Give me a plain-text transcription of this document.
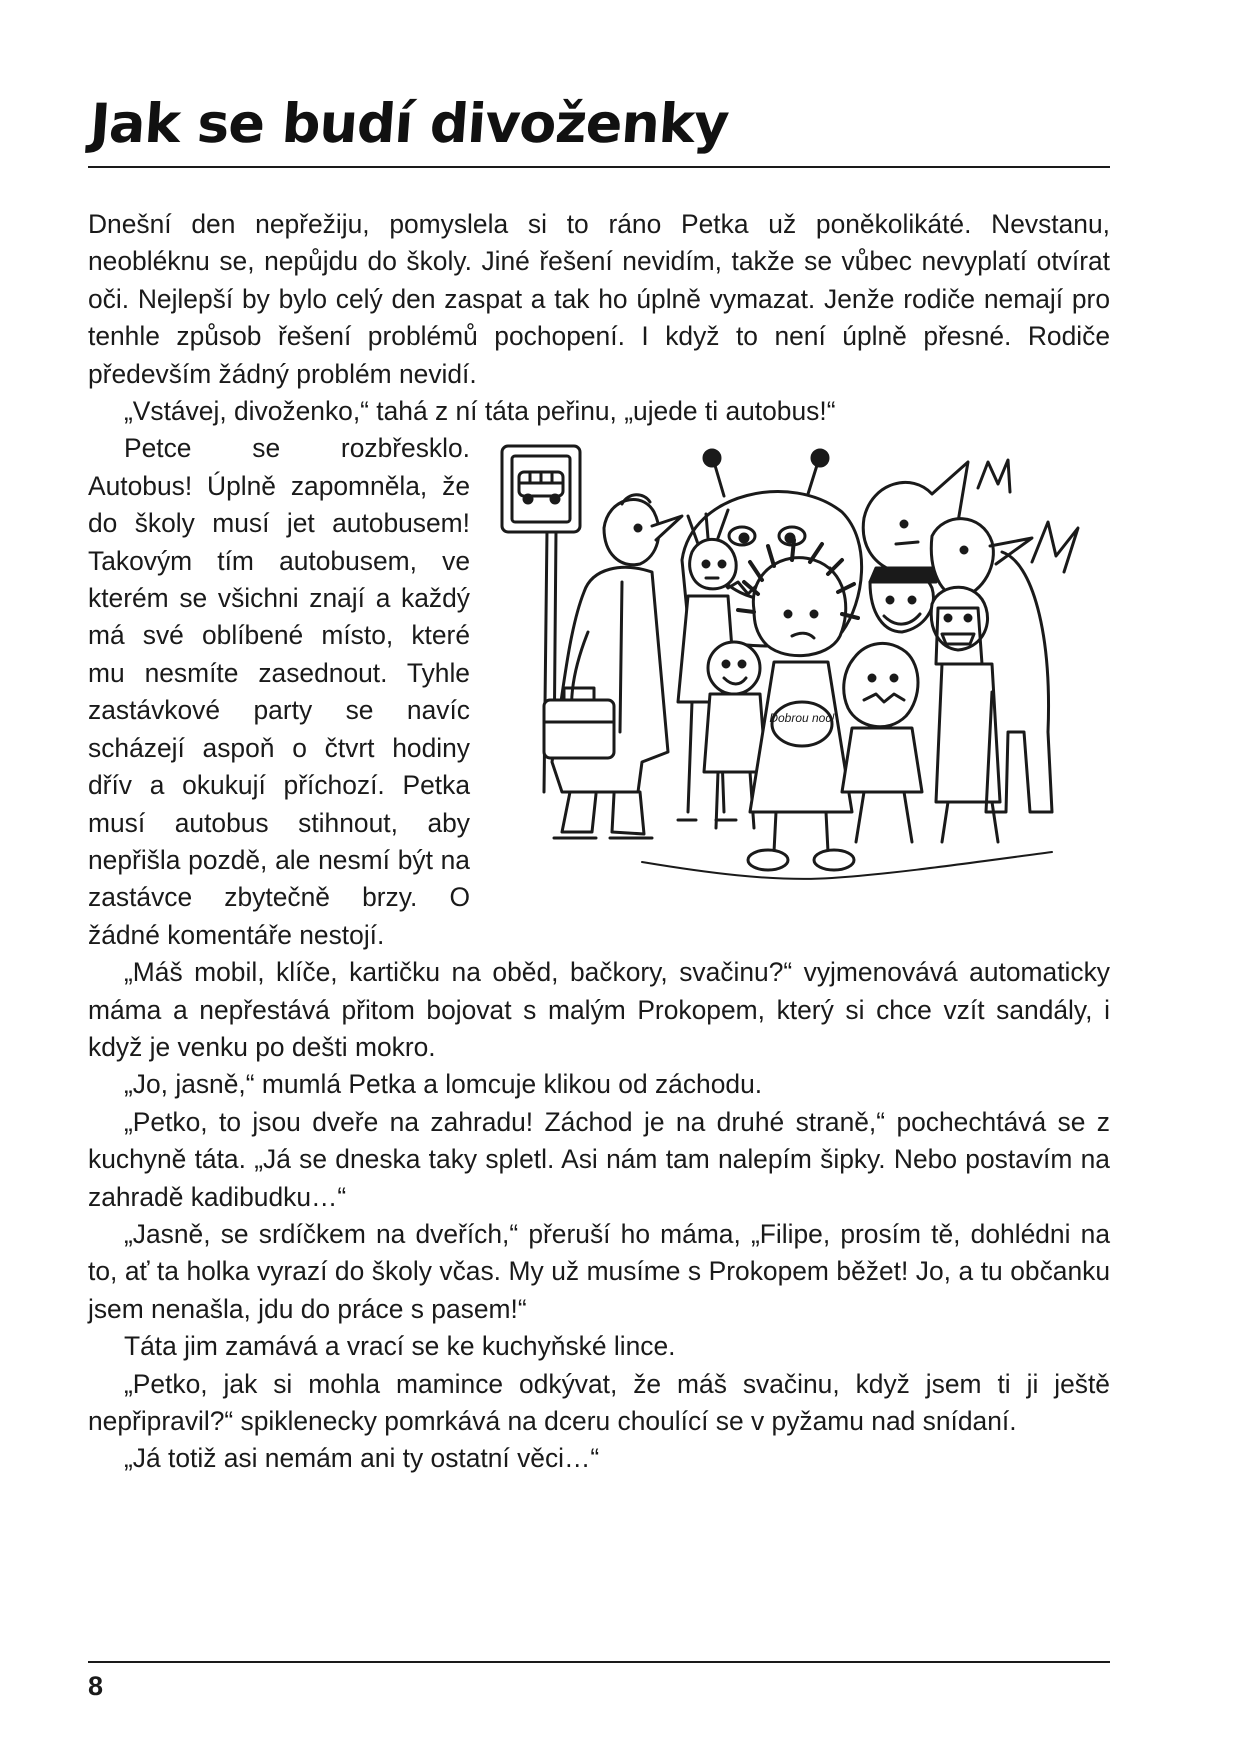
Jak se budí divoženky

Dnešní den nepřežiju, pomyslela si to ráno Petka už poněkolikáté. Nevstanu, neobléknu se, nepůjdu do školy. Jiné řešení nevidím, takže se vůbec nevyplatí otvírat oči. Nejlepší by bylo celý den zaspat a tak ho úplně vymazat. Jenže rodiče nemají pro tenhle způsob řešení problémů pochopení. I když to není úplně přesné. Rodiče především žádný problém nevidí.

„Vstávej, divoženko,“ tahá z ní táta peřinu, „ujede ti autobus!“

Dobrou noc!
Petce se rozbřesklo. Autobus! Úplně zapomněla, že do školy musí jet autobusem! Takovým tím autobusem, ve kterém se všichni znají a každý má své oblíbené místo, které mu nesmíte zasednout. Tyhle zastávkové party se navíc scházejí aspoň o čtvrt hodiny dřív a okukují příchozí. Petka musí autobus stihnout, aby nepřišla pozdě, ale nesmí být na zastávce zbytečně brzy. O žádné komentáře nestojí.

„Máš mobil, klíče, kartičku na oběd, bačkory, svačinu?“ vyjmenovává automaticky máma a nepřestává přitom bojovat s malým Prokopem, který si chce vzít sandály, i když je venku po dešti mokro.

„Jo, jasně,“ mumlá Petka a lomcuje klikou od záchodu.

„Petko, to jsou dveře na zahradu! Záchod je na druhé straně,“ pochechtává se z kuchyně táta. „Já se dneska taky spletl. Asi nám tam nalepím šipky. Nebo postavím na zahradě kadibudku…“

„Jasně, se srdíčkem na dveřích,“ přeruší ho máma, „Filipe, prosím tě, dohlédni na to, ať ta holka vyrazí do školy včas. My už musíme s Prokopem běžet! Jo, a tu občanku jsem nenašla, jdu do práce s pasem!“

Táta jim zamává a vrací se ke kuchyňské lince.

„Petko, jak si mohla mamince odkývat, že máš svačinu, když jsem ti ji ještě nepřipravil?“ spiklenecky pomrkává na dceru choulící se v pyžamu nad snídaní.

„Já totiž asi nemám ani ty ostatní věci…“

8
